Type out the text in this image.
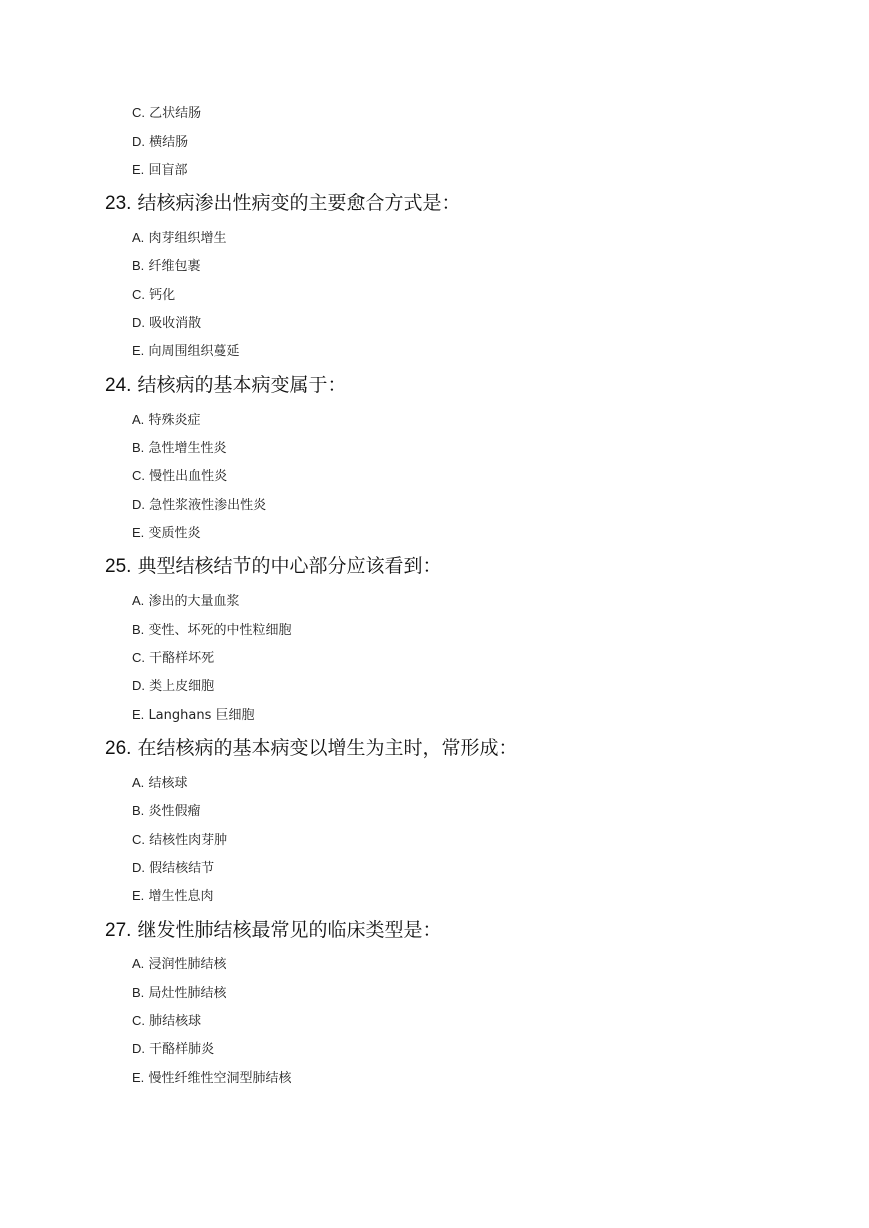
C. 乙状结肠
D. 横结肠
E. 回盲部
23. 结核病渗出性病变的主要愈合方式是：
A. 肉芽组织增生
B. 纤维包裹
C. 钙化
D. 吸收消散
E. 向周围组织蔓延
24. 结核病的基本病变属于：
A. 特殊炎症
B. 急性增生性炎
C. 慢性出血性炎
D. 急性浆液性渗出性炎
E. 变质性炎
25. 典型结核结节的中心部分应该看到：
A. 渗出的大量血浆
B. 变性、坏死的中性粒细胞
C. 干酪样坏死
D. 类上皮细胞
E. Langhans 巨细胞
26. 在结核病的基本病变以增生为主时，常形成：
A. 结核球
B. 炎性假瘤
C. 结核性肉芽肿
D. 假结核结节
E. 增生性息肉
27. 继发性肺结核最常见的临床类型是：
A. 浸润性肺结核
B. 局灶性肺结核
C. 肺结核球
D. 干酪样肺炎
E. 慢性纤维性空洞型肺结核
